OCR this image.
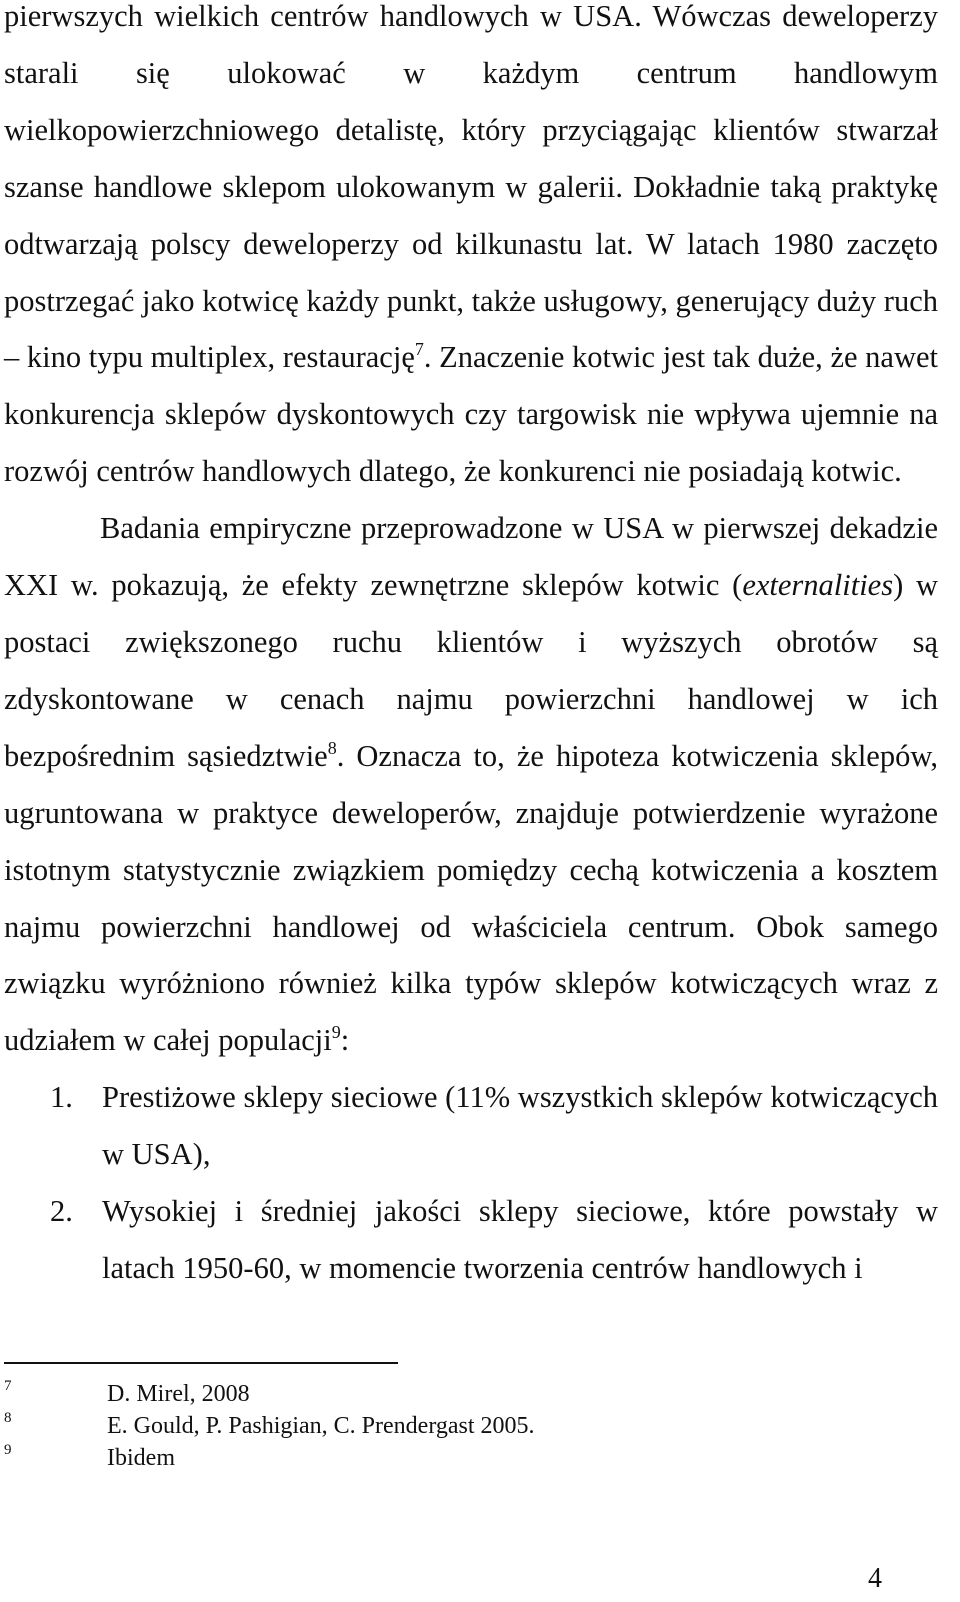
pierwszych wielkich centrów handlowych w USA. Wówczas deweloperzy starali się ulokować w każdym centrum handlowym wielkopowierzchniowego detalistę, który przyciągając klientów stwarzał szanse handlowe sklepom ulokowanym w galerii. Dokładnie taką praktykę odtwarzają polscy deweloperzy od kilkunastu lat. W latach 1980 zaczęto postrzegać jako kotwicę każdy punkt, także usługowy, generujący duży ruch – kino typu multiplex, restaurację$^7$. Znaczenie kotwic jest tak duże, że nawet konkurencja sklepów dyskontowych czy targowisk nie wpływa ujemnie na rozwój centrów handlowych dlatego, że konkurenci nie posiadają kotwic.

Badania empiryczne przeprowadzone w USA w pierwszej dekadzie XXI w. pokazują, że efekty zewnętrzne sklepów kotwic (externalities) w postaci zwiększonego ruchu klientów i wyższych obrotów są zdyskontowane w cenach najmu powierzchni handlowej w ich bezpośrednim sąsiedztwie$^8$. Oznacza to, że hipoteza kotwiczenia sklepów, ugruntowana w praktyce deweloperów, znajduje potwierdzenie wyrażone istotnym statystycznie związkiem pomiędzy cechą kotwiczenia a kosztem najmu powierzchni handlowej od właściciela centrum. Obok samego związku wyróżniono również kilka typów sklepów kotwiczących wraz z udziałem w całej populacji$^9$:

1. Prestiżowe sklepy sieciowe (11% wszystkich sklepów kotwiczących w USA),
2. Wysokiej i średniej jakości sklepy sieciowe, które powstały w latach 1950-60, w momencie tworzenia centrów handlowych i
7	D. Mirel, 2008
8	E. Gould, P. Pashigian, C. Prendergast 2005.
9	Ibidem
4
